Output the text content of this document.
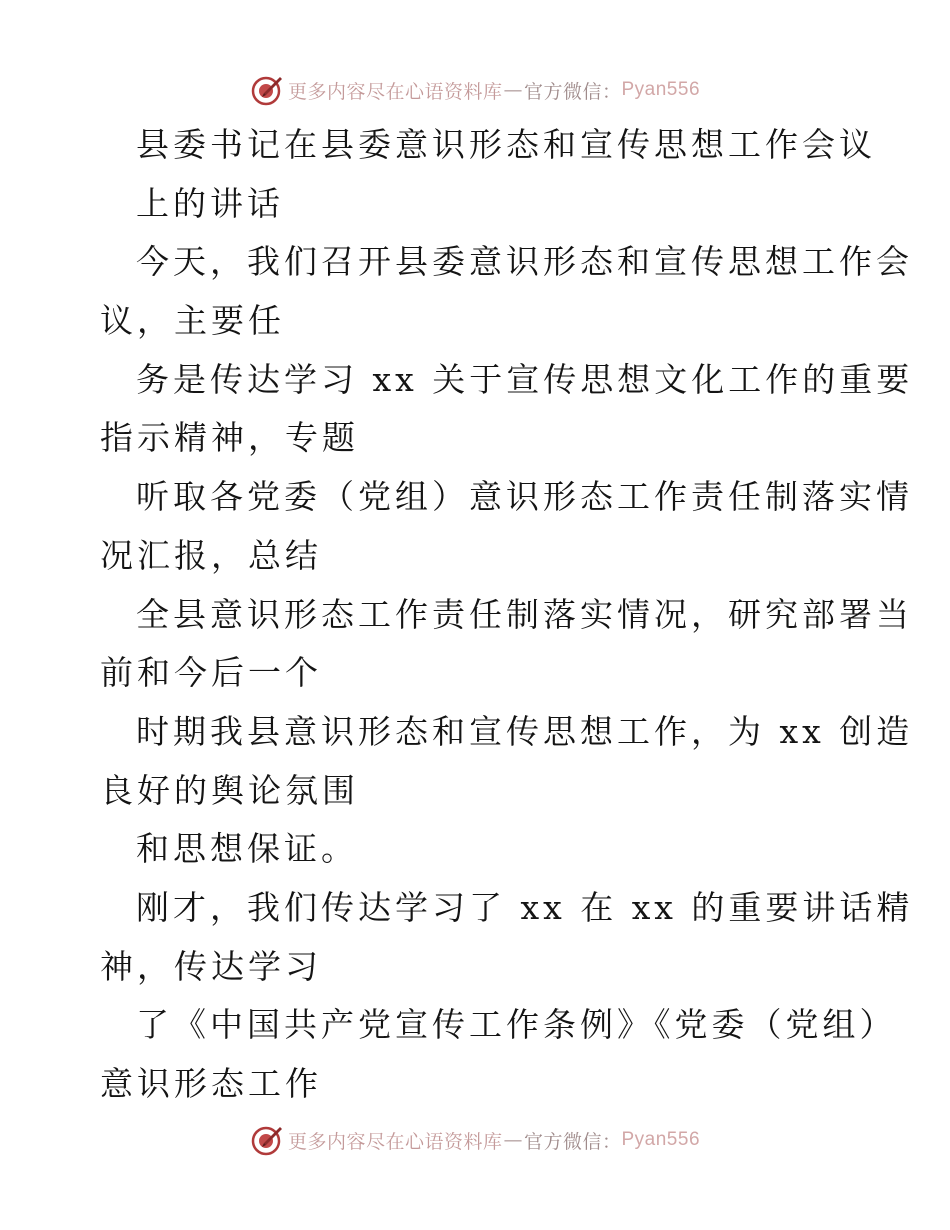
更多内容尽在心语资料库 — 官方微信： Pyan556
县委书记在县委意识形态和宣传思想工作会议
上的讲话
今天，我们召开县委意识形态和宣传思想工作会
议，主要任
务是传达学习 xx 关于宣传思想文化工作的重要
指示精神，专题
听取各党委（党组）意识形态工作责任制落实情
况汇报，总结
全县意识形态工作责任制落实情况，研究部署当
前和今后一个
时期我县意识形态和宣传思想工作，为 xx 创造
良好的舆论氛围
和思想保证。
刚才，我们传达学习了 xx 在 xx 的重要讲话精
神，传达学习
了《中国共产党宣传工作条例》《党委（党组）
意识形态工作
更多内容尽在心语资料库 — 官方微信： Pyan556
